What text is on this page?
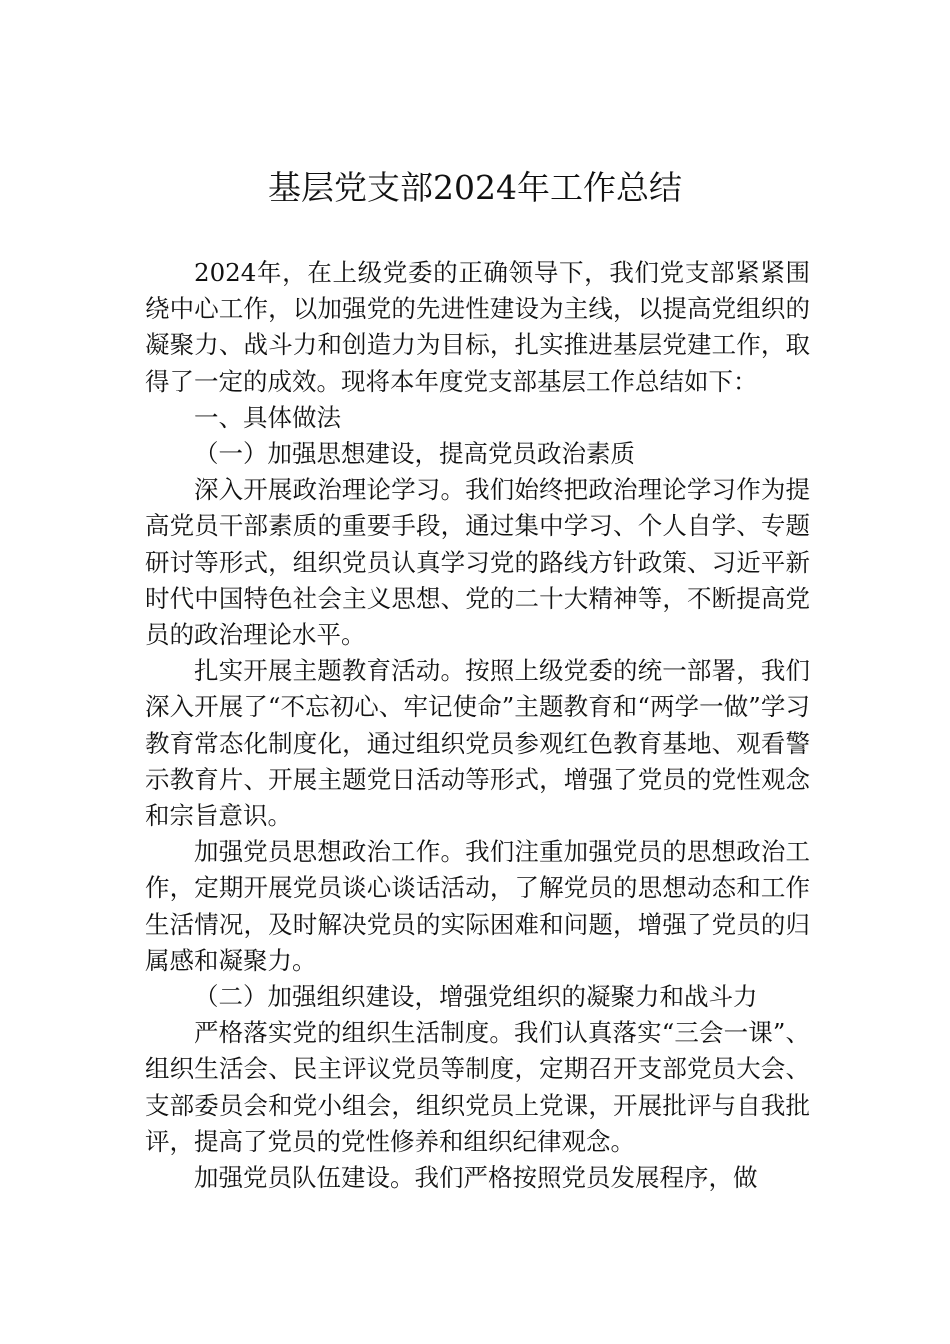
基层党支部2024年工作总结

2024年，在上级党委的正确领导下，我们党支部紧紧围绕中心工作，以加强党的先进性建设为主线，以提高党组织的凝聚力、战斗力和创造力为目标，扎实推进基层党建工作，取得了一定的成效。现将本年度党支部基层工作总结如下：

一、具体做法

（一）加强思想建设，提高党员政治素质

深入开展政治理论学习。我们始终把政治理论学习作为提高党员干部素质的重要手段，通过集中学习、个人自学、专题研讨等形式，组织党员认真学习党的路线方针政策、习近平新时代中国特色社会主义思想、党的二十大精神等，不断提高党员的政治理论水平。

扎实开展主题教育活动。按照上级党委的统一部署，我们深入开展了“不忘初心、牢记使命”主题教育和“两学一做”学习教育常态化制度化，通过组织党员参观红色教育基地、观看警示教育片、开展主题党日活动等形式，增强了党员的党性观念和宗旨意识。

加强党员思想政治工作。我们注重加强党员的思想政治工作，定期开展党员谈心谈话活动，了解党员的思想动态和工作生活情况，及时解决党员的实际困难和问题，增强了党员的归属感和凝聚力。

（二）加强组织建设，增强党组织的凝聚力和战斗力

严格落实党的组织生活制度。我们认真落实“三会一课”、组织生活会、民主评议党员等制度，定期召开支部党员大会、支部委员会和党小组会，组织党员上党课，开展批评与自我批评，提高了党员的党性修养和组织纪律观念。

加强党员队伍建设。我们严格按照党员发展程序，做
